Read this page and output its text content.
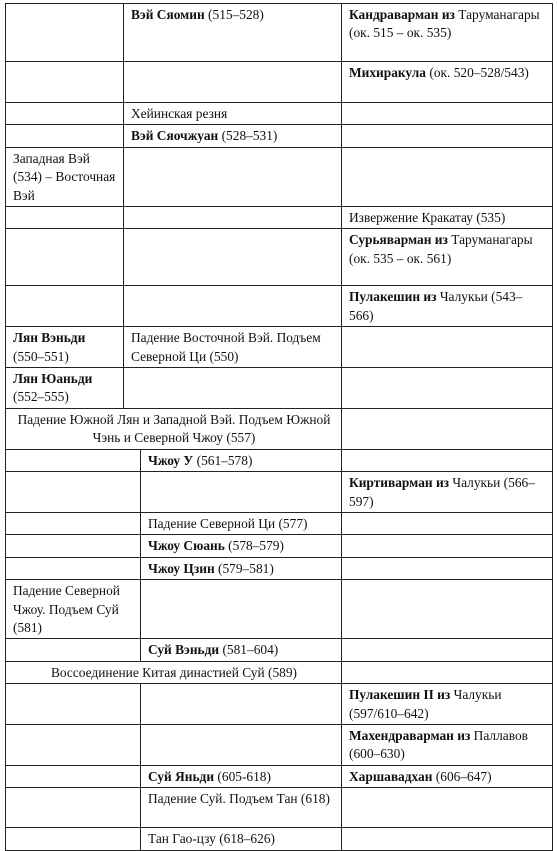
	Вэй Сяомин (515–528)		Кандраварман из Таруманагары (ок. 515 – ок. 535)
			Михиракула (ок. 520–528/543)
	Хейинская резня		
	Вэй Сяочжуан (528–531)		
Западная Вэй (534) – Восточная Вэй			
			Извержение Кракатау (535)
			Сурьяварман из Таруманагары (ок. 535 – ок. 561)
			Пулакешин из Чалукьи (543–566)
Лян Вэньди (550–551)	Падение Восточной Вэй. Подъем Северной Ци (550)		
Лян Юаньди (552–555)			
Падение Южной Лян и Западной Вэй. Подъем Южной Чэнь и Северной Чжоу (557)			
		Чжоу У (561–578)	
			Киртиварман из Чалукьи (566–597)
		Падение Северной Ци (577)	
		Чжоу Сюань (578–579)	
		Чжоу Цзин (579–581)	
Падение Северной Чжоу. Подъем Суй (581)			
		Суй Вэньди (581–604)	
Воссоединение Китая династией Суй (589)			
			Пулакешин II из Чалукьи (597/610–642)
			Махендраварман из Паллавов (600–630)
		Суй Яньди (605-618)	Харшавадхан (606–647)
		Падение Суй. Подъем Тан (618)	
		Тан Гао-цзу (618–626)	
